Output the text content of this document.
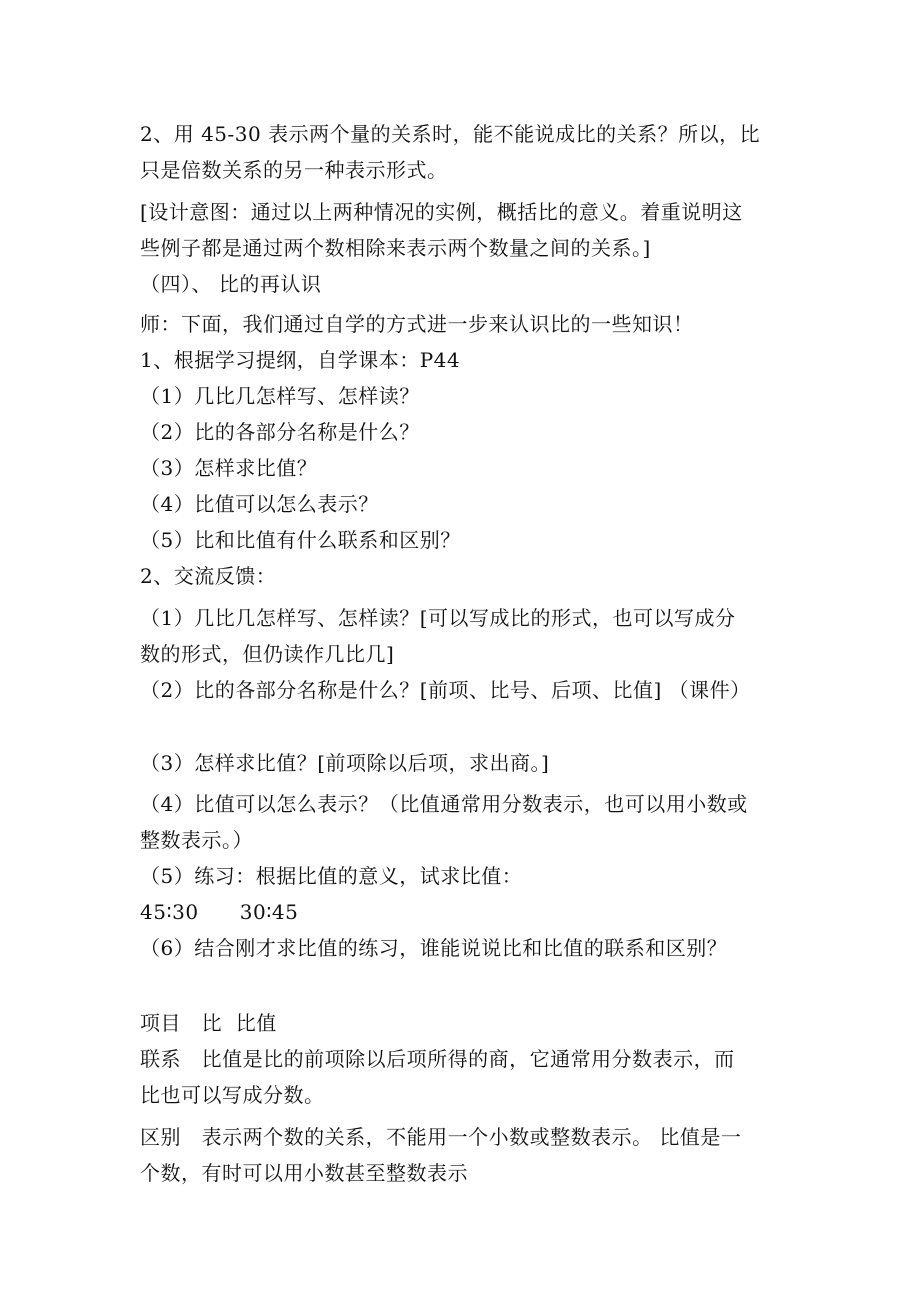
2、用 45-30 表示两个量的关系时，能不能说成比的关系？所以，比
只是倍数关系的另一种表示形式。
[设计意图：通过以上两种情况的实例，概括比的意义。着重说明这
些例子都是通过两个数相除来表示两个数量之间的关系。]
（四）、 比的再认识
师：下面，我们通过自学的方式进一步来认识比的一些知识！
1、根据学习提纲，自学课本：P44
（1）几比几怎样写、怎样读？
（2）比的各部分名称是什么？
（3）怎样求比值？
（4）比值可以怎么表示？
（5）比和比值有什么联系和区别？
2、交流反馈：
（1）几比几怎样写、怎样读？[可以写成比的形式，也可以写成分
数的形式，但仍读作几比几]
（2）比的各部分名称是什么？[前项、比号、后项、比值] （课件）
（3）怎样求比值？[前项除以后项，求出商。]
（4）比值可以怎么表示？（比值通常用分数表示，也可以用小数或
整数表示。）
（5）练习：根据比值的意义，试求比值：
45∶30      30∶45
（6）结合刚才求比值的练习，谁能说说比和比值的联系和区别？
项目   比  比值
联系   比值是比的前项除以后项所得的商，它通常用分数表示，而
比也可以写成分数。
区别   表示两个数的关系，不能用一个小数或整数表示。 比值是一
个数，有时可以用小数甚至整数表示
